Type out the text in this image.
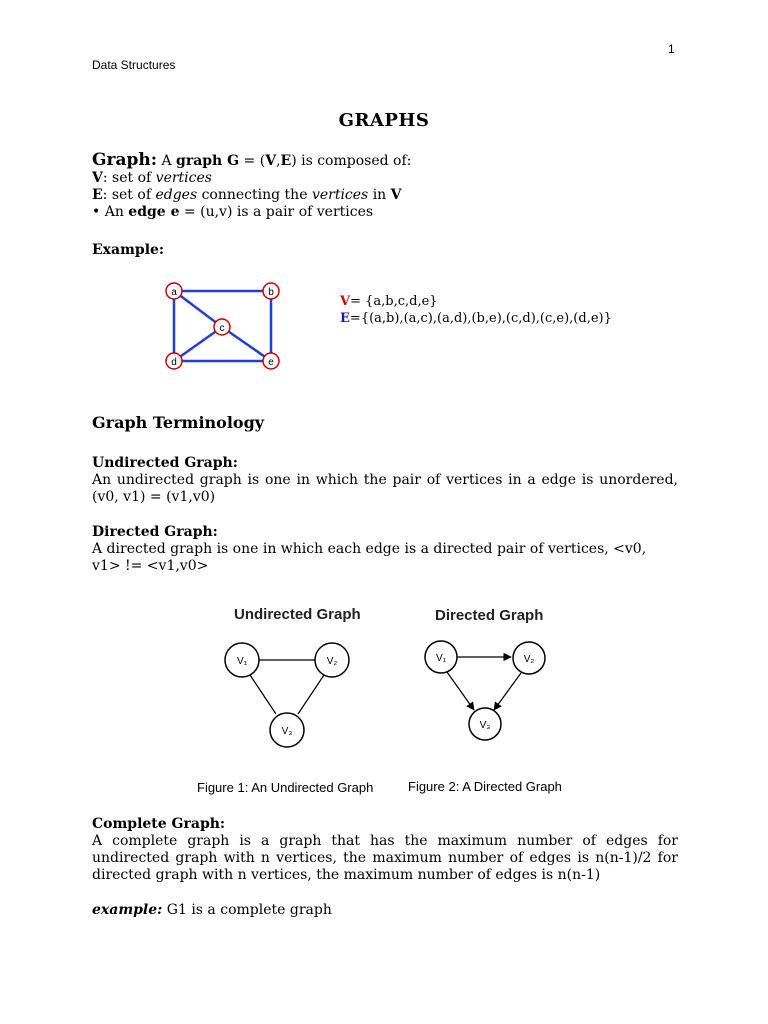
1
Data Structures
GRAPHS
Graph: A graph G = (V,E) is composed of:
V: set of vertices
E: set of edges connecting the vertices in V
• An edge e = (u,v) is a pair of vertices
Example:
a	b
c
d	e
V= {a,b,c,d,e}
E={(a,b),(a,c),(a,d),(b,e),(c,d),(c,e),(d,e)}
Graph Terminology
Undirected Graph:
An undirected graph is one in which the pair of vertices in a edge is unordered, (v0, v1) = (v1,v0)
Directed Graph:
A directed graph is one in which each edge is a directed pair of vertices, <v0, v1> != <v1,v0>
Undirected Graph	Directed Graph
V₁	V₂
V₃
V₁	V₂
V₃
Figure 1: An Undirected Graph	Figure 2: A Directed Graph
Complete Graph:
A complete graph is a graph that has the maximum number of edges for undirected graph with n vertices, the maximum number of edges is n(n-1)/2 for directed graph with n vertices, the maximum number of edges is n(n-1)
example: G1 is a complete graph
